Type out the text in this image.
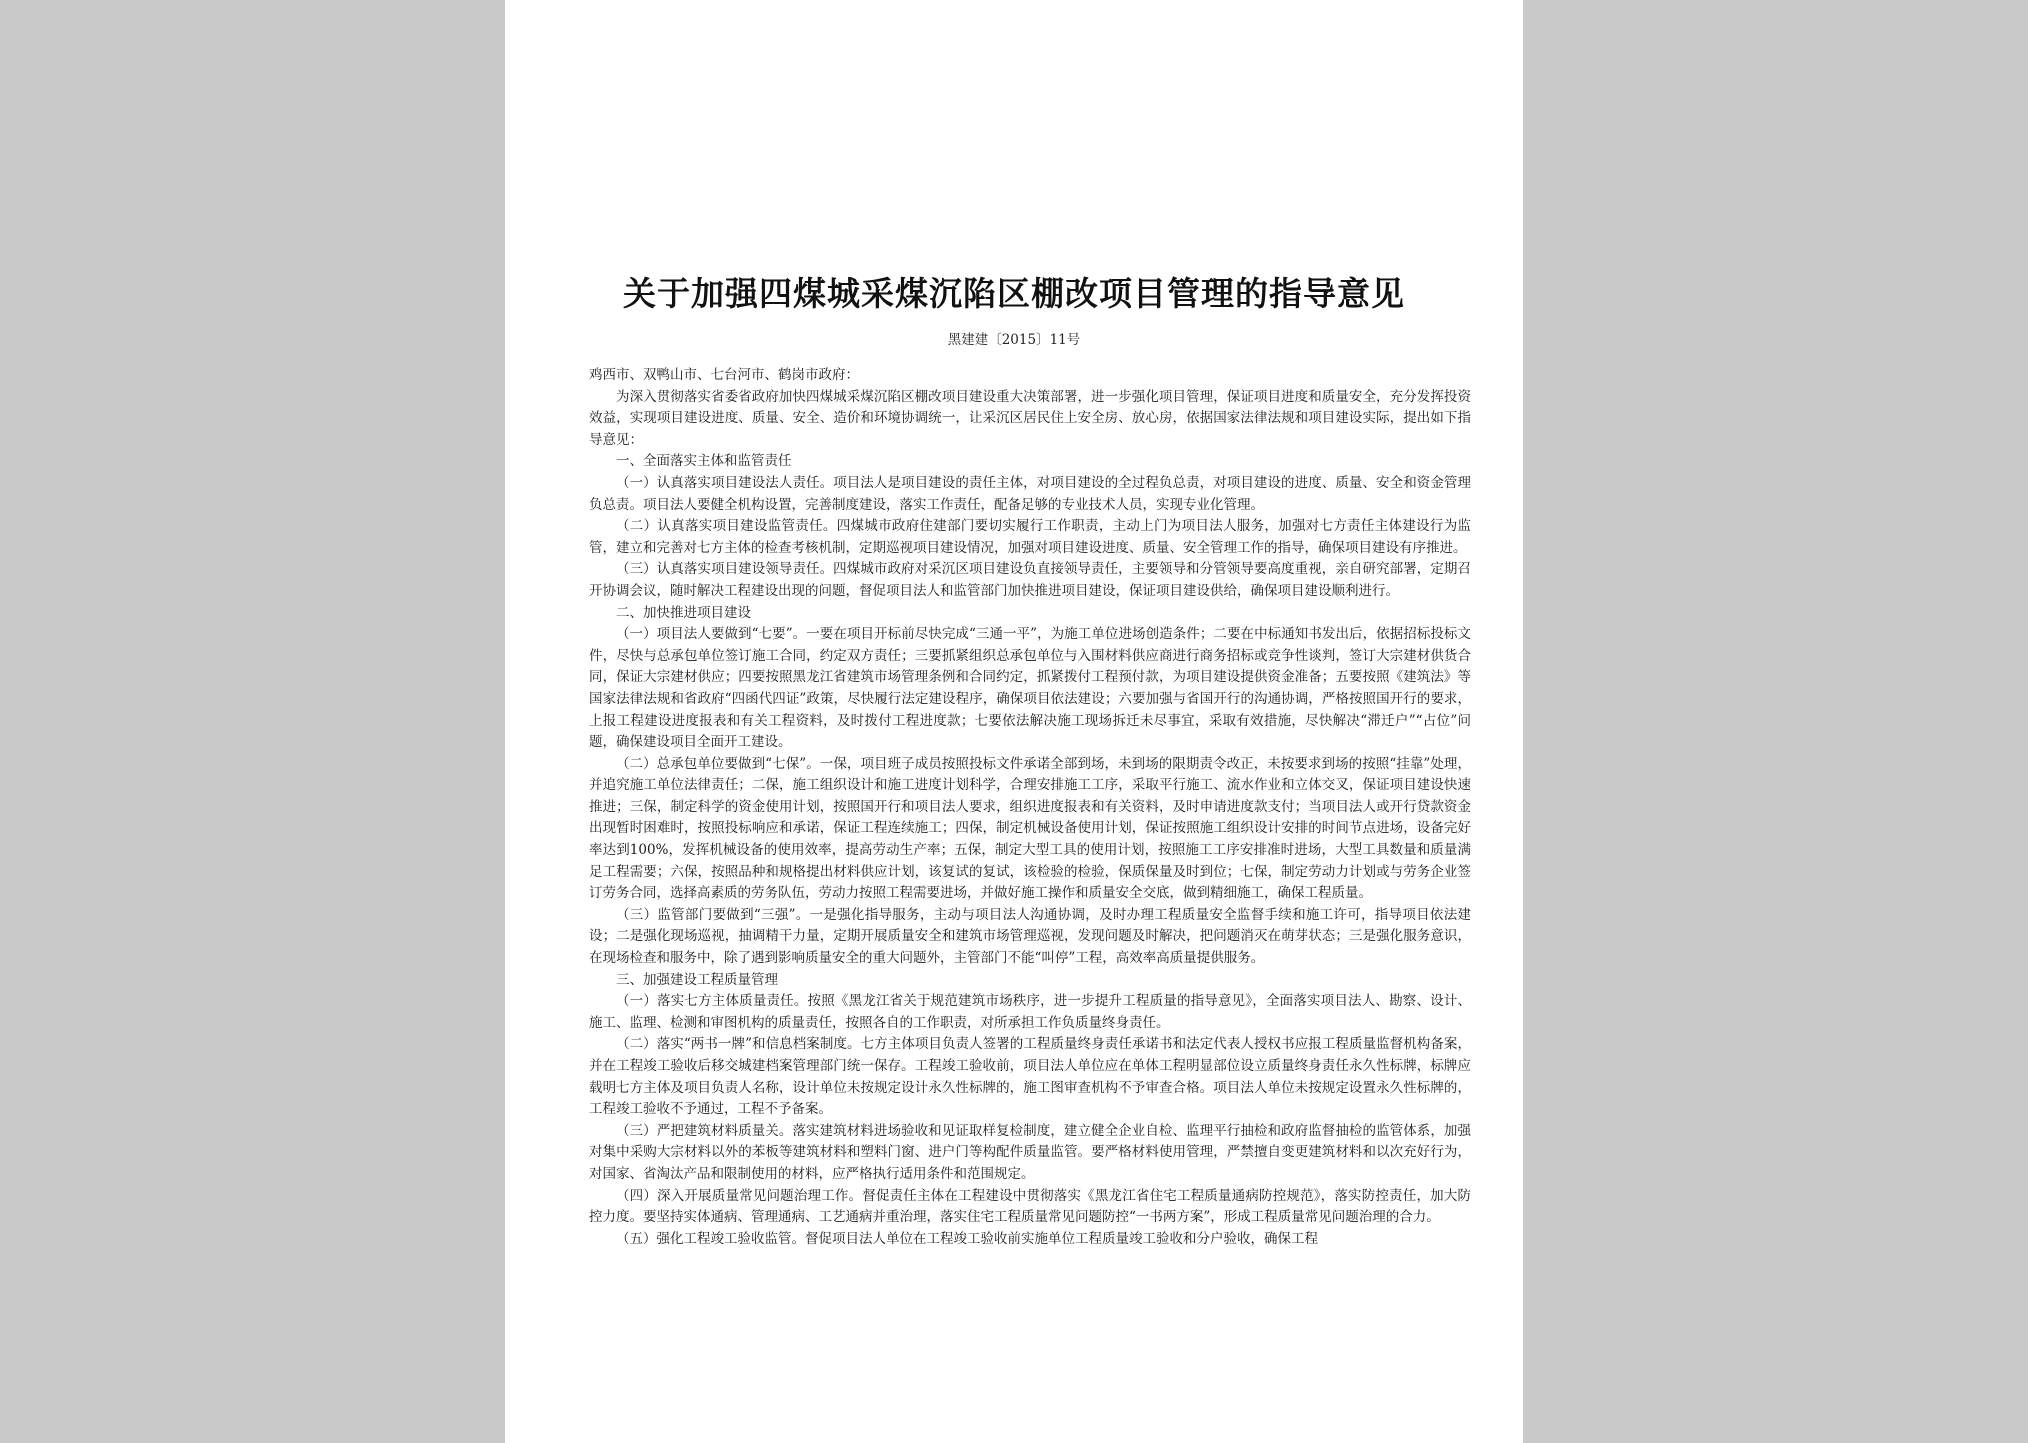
关于加强四煤城采煤沉陷区棚改项目管理的指导意见
黑建建〔2015〕11号

鸡西市、双鸭山市、七台河市、鹤岗市政府：

为深入贯彻落实省委省政府加快四煤城采煤沉陷区棚改项目建设重大决策部署，进一步强化项目管理，保证项目进度和质量安全，充分发挥投资效益，实现项目建设进度、质量、安全、造价和环境协调统一，让采沉区居民住上安全房、放心房，依据国家法律法规和项目建设实际，提出如下指导意见：

一、全面落实主体和监管责任

（一）认真落实项目建设法人责任。项目法人是项目建设的责任主体，对项目建设的全过程负总责，对项目建设的进度、质量、安全和资金管理负总责。项目法人要健全机构设置，完善制度建设，落实工作责任，配备足够的专业技术人员，实现专业化管理。

（二）认真落实项目建设监管责任。四煤城市政府住建部门要切实履行工作职责，主动上门为项目法人服务，加强对七方责任主体建设行为监管，建立和完善对七方主体的检查考核机制，定期巡视项目建设情况，加强对项目建设进度、质量、安全管理工作的指导，确保项目建设有序推进。

（三）认真落实项目建设领导责任。四煤城市政府对采沉区项目建设负直接领导责任，主要领导和分管领导要高度重视，亲自研究部署，定期召开协调会议，随时解决工程建设出现的问题，督促项目法人和监管部门加快推进项目建设，保证项目建设供给，确保项目建设顺利进行。

二、加快推进项目建设

（一）项目法人要做到“七要”。一要在项目开标前尽快完成“三通一平”，为施工单位进场创造条件；二要在中标通知书发出后，依据招标投标文件，尽快与总承包单位签订施工合同，约定双方责任；三要抓紧组织总承包单位与入围材料供应商进行商务招标或竞争性谈判，签订大宗建材供货合同，保证大宗建材供应；四要按照黑龙江省建筑市场管理条例和合同约定，抓紧拨付工程预付款，为项目建设提供资金准备；五要按照《建筑法》等国家法律法规和省政府“四函代四证”政策，尽快履行法定建设程序，确保项目依法建设；六要加强与省国开行的沟通协调，严格按照国开行的要求，上报工程建设进度报表和有关工程资料，及时拨付工程进度款；七要依法解决施工现场拆迁未尽事宜，采取有效措施，尽快解决“滞迁户”“占位”问题，确保建设项目全面开工建设。

（二）总承包单位要做到“七保”。一保，项目班子成员按照投标文件承诺全部到场，未到场的限期责令改正，未按要求到场的按照“挂靠”处理，并追究施工单位法律责任；二保，施工组织设计和施工进度计划科学，合理安排施工工序，采取平行施工、流水作业和立体交叉，保证项目建设快速推进；三保，制定科学的资金使用计划，按照国开行和项目法人要求，组织进度报表和有关资料，及时申请进度款支付；当项目法人或开行贷款资金出现暂时困难时，按照投标响应和承诺，保证工程连续施工；四保，制定机械设备使用计划，保证按照施工组织设计安排的时间节点进场，设备完好率达到100%，发挥机械设备的使用效率，提高劳动生产率；五保，制定大型工具的使用计划，按照施工工序安排准时进场，大型工具数量和质量满足工程需要；六保，按照品种和规格提出材料供应计划，该复试的复试，该检验的检验，保质保量及时到位；七保，制定劳动力计划或与劳务企业签订劳务合同，选择高素质的劳务队伍，劳动力按照工程需要进场，并做好施工操作和质量安全交底，做到精细施工，确保工程质量。

（三）监管部门要做到“三强”。一是强化指导服务，主动与项目法人沟通协调，及时办理工程质量安全监督手续和施工许可，指导项目依法建设；二是强化现场巡视，抽调精干力量，定期开展质量安全和建筑市场管理巡视，发现问题及时解决，把问题消灭在萌芽状态；三是强化服务意识，在现场检查和服务中，除了遇到影响质量安全的重大问题外，主管部门不能“叫停”工程，高效率高质量提供服务。

三、加强建设工程质量管理

（一）落实七方主体质量责任。按照《黑龙江省关于规范建筑市场秩序，进一步提升工程质量的指导意见》，全面落实项目法人、勘察、设计、施工、监理、检测和审图机构的质量责任，按照各自的工作职责，对所承担工作负质量终身责任。

（二）落实“两书一牌”和信息档案制度。七方主体项目负责人签署的工程质量终身责任承诺书和法定代表人授权书应报工程质量监督机构备案，并在工程竣工验收后移交城建档案管理部门统一保存。工程竣工验收前，项目法人单位应在单体工程明显部位设立质量终身责任永久性标牌，标牌应载明七方主体及项目负责人名称，设计单位未按规定设计永久性标牌的，施工图审查机构不予审查合格。项目法人单位未按规定设置永久性标牌的，工程竣工验收不予通过，工程不予备案。

（三）严把建筑材料质量关。落实建筑材料进场验收和见证取样复检制度，建立健全企业自检、监理平行抽检和政府监督抽检的监管体系，加强对集中采购大宗材料以外的苯板等建筑材料和塑料门窗、进户门等构配件质量监管。要严格材料使用管理，严禁擅自变更建筑材料和以次充好行为，对国家、省淘汰产品和限制使用的材料，应严格执行适用条件和范围规定。

（四）深入开展质量常见问题治理工作。督促责任主体在工程建设中贯彻落实《黑龙江省住宅工程质量通病防控规范》，落实防控责任，加大防控力度。要坚持实体通病、管理通病、工艺通病并重治理，落实住宅工程质量常见问题防控“一书两方案”，形成工程质量常见问题治理的合力。

（五）强化工程竣工验收监管。督促项目法人单位在工程竣工验收前实施单位工程质量竣工验收和分户验收，确保工程
